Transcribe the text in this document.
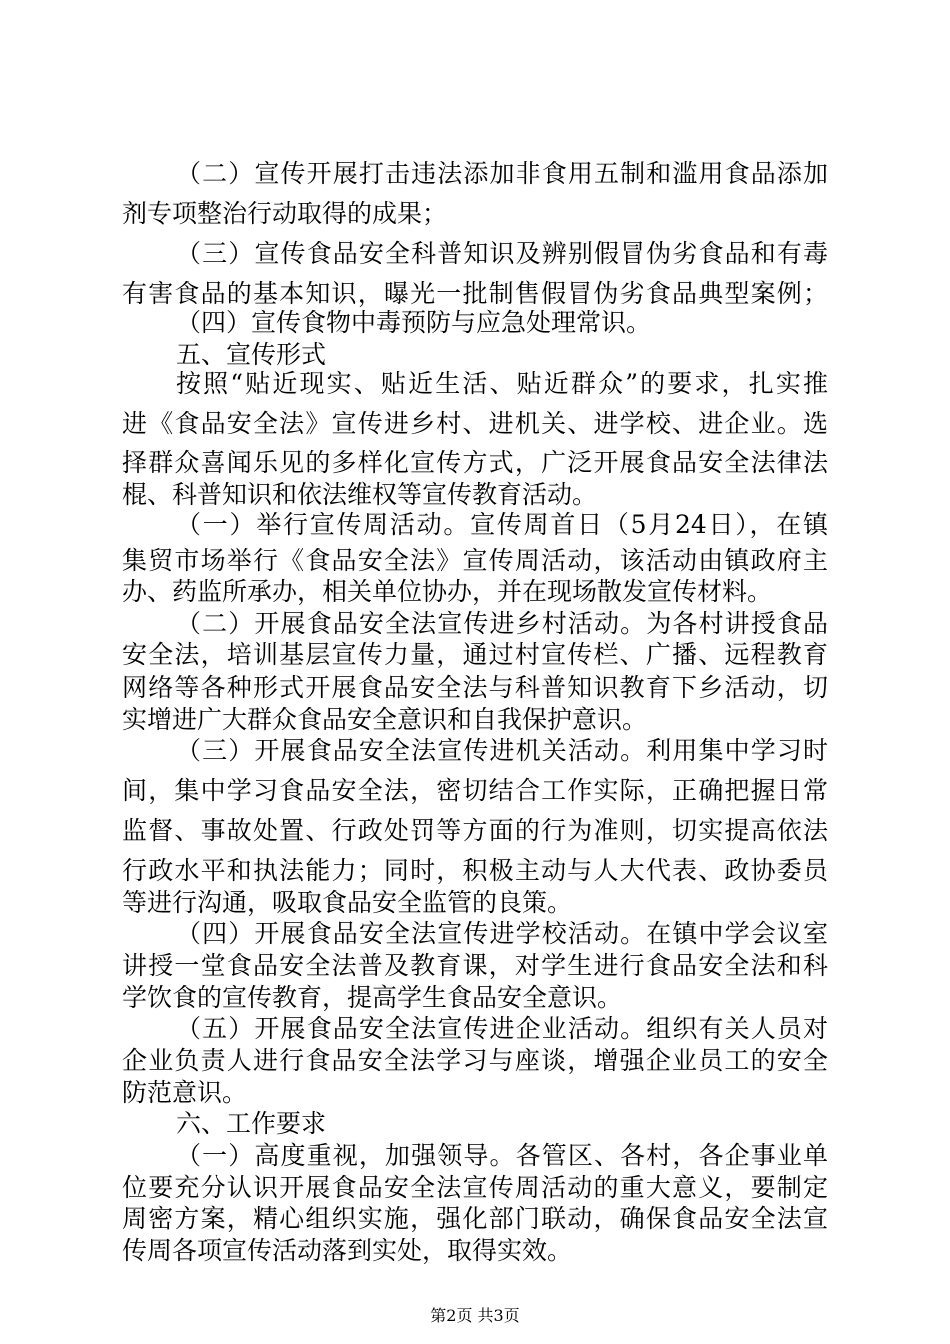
（二）宣传开展打击违法添加非食用五制和滥用食品添加
剂专项整治行动取得的成果；
（三）宣传食品安全科普知识及辨别假冒伪劣食品和有毒
有害食品的基本知识，曝光一批制售假冒伪劣食品典型案例；
（四）宣传食物中毒预防与应急处理常识。
五、宣传形式
按照“贴近现实、贴近生活、贴近群众”的要求，扎实推
进《食品安全法》宣传进乡村、进机关、进学校、进企业。选
择群众喜闻乐见的多样化宣传方式，广泛开展食品安全法律法
棍、科普知识和依法维权等宣传教育活动。
（一）举行宣传周活动。宣传周首日（5月24日），在镇
集贸市场举行《食品安全法》宣传周活动，该活动由镇政府主
办、药监所承办，相关单位协办，并在现场散发宣传材料。
（二）开展食品安全法宣传进乡村活动。为各村讲授食品
安全法，培训基层宣传力量，通过村宣传栏、广播、远程教育
网络等各种形式开展食品安全法与科普知识教育下乡活动，切
实增进广大群众食品安全意识和自我保护意识。
（三）开展食品安全法宣传进机关活动。利用集中学习时
间，集中学习食品安全法，密切结合工作实际，正确把握日常
监督、事故处置、行政处罚等方面的行为准则，切实提高依法
行政水平和执法能力；同时，积极主动与人大代表、政协委员
等进行沟通，吸取食品安全监管的良策。
（四）开展食品安全法宣传进学校活动。在镇中学会议室
讲授一堂食品安全法普及教育课，对学生进行食品安全法和科
学饮食的宣传教育，提高学生食品安全意识。
（五）开展食品安全法宣传进企业活动。组织有关人员对
企业负责人进行食品安全法学习与座谈，增强企业员工的安全
防范意识。
六、工作要求
（一）高度重视，加强领导。各管区、各村，各企事业单
位要充分认识开展食品安全法宣传周活动的重大意义，要制定
周密方案，精心组织实施，强化部门联动，确保食品安全法宣
传周各项宣传活动落到实处，取得实效。
第2页 共3页
